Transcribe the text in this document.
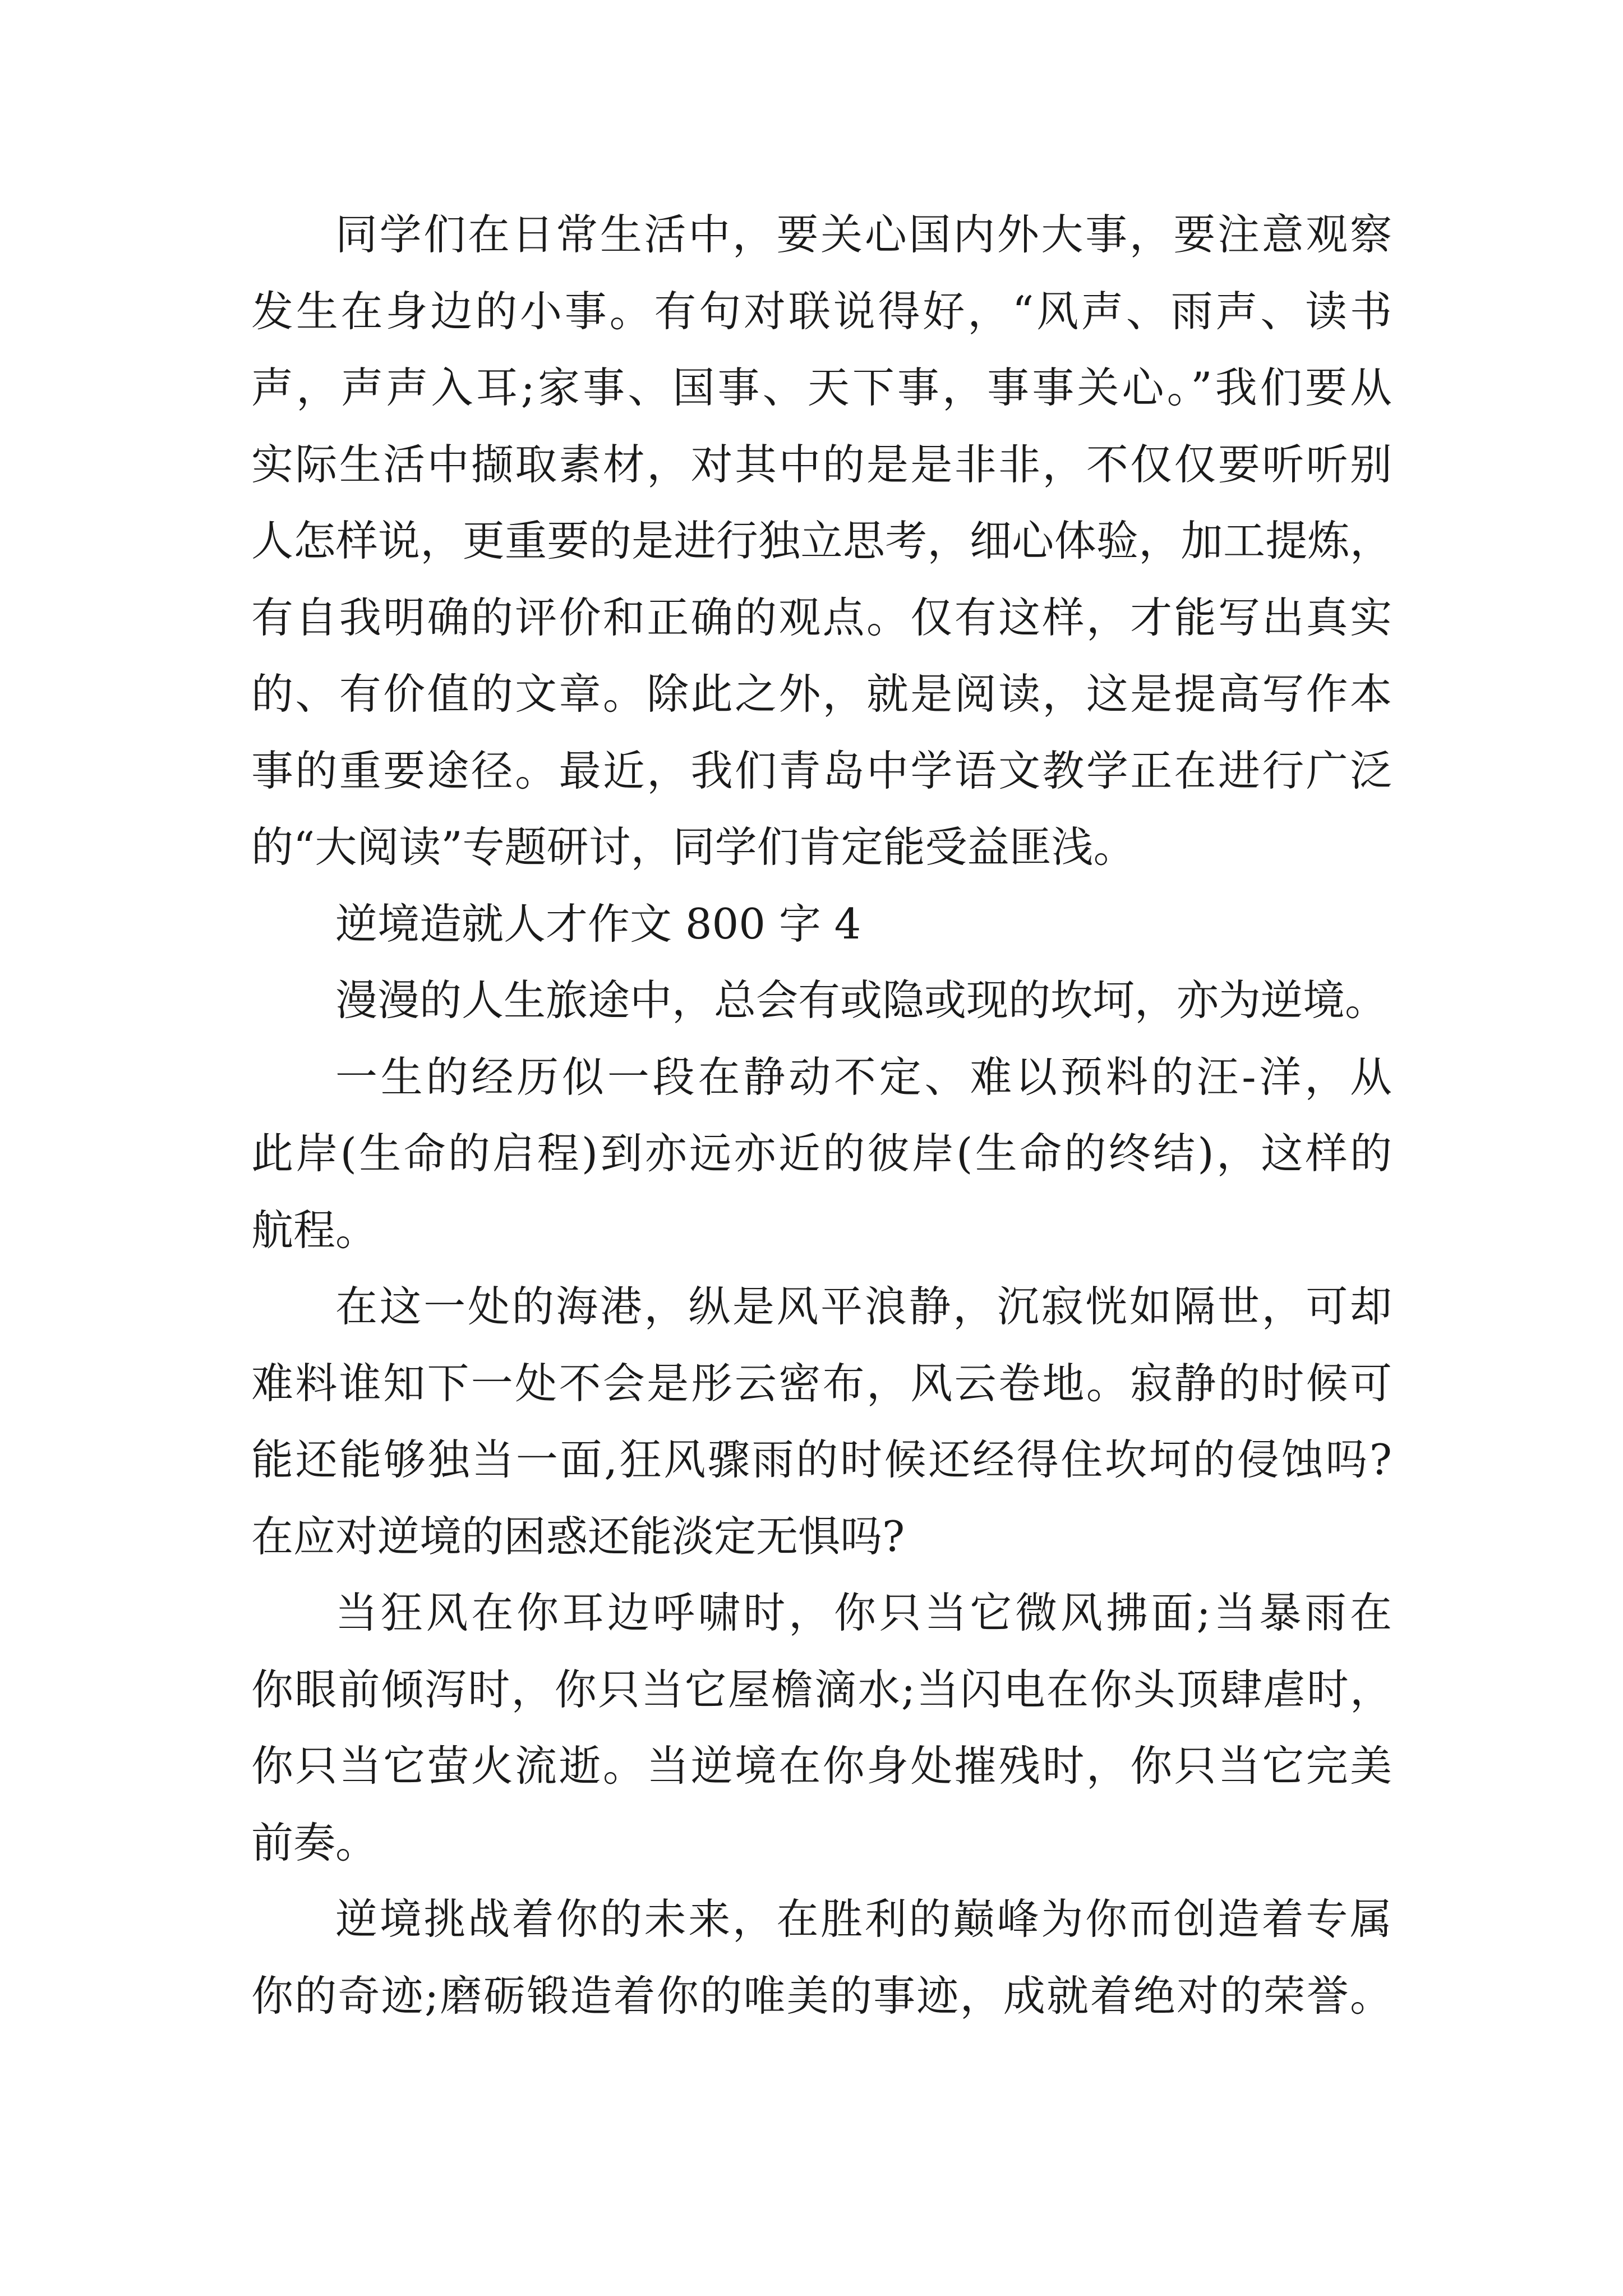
同学们在日常生活中，要关心国内外大事，要注意观察
发生在身边的小事。有句对联说得好，“风声、雨声、读书
声，声声入耳;家事、国事、天下事，事事关心。”我们要从
实际生活中撷取素材，对其中的是是非非，不仅仅要听听别
人怎样说，更重要的是进行独立思考，细心体验，加工提炼，
有自我明确的评价和正确的观点。仅有这样，才能写出真实
的、有价值的文章。除此之外，就是阅读，这是提高写作本
事的重要途径。最近，我们青岛中学语文教学正在进行广泛
的“大阅读”专题研讨，同学们肯定能受益匪浅。
逆境造就人才作文 800 字 4
漫漫的人生旅途中，总会有或隐或现的坎坷，亦为逆境。
一生的经历似一段在静动不定、难以预料的汪-洋，从
此岸(生命的启程)到亦远亦近的彼岸(生命的终结)，这样的
航程。
在这一处的海港，纵是风平浪静，沉寂恍如隔世，可却
难料谁知下一处不会是彤云密布，风云卷地。寂静的时候可
能还能够独当一面,狂风骤雨的时候还经得住坎坷的侵蚀吗?
在应对逆境的困惑还能淡定无惧吗?
当狂风在你耳边呼啸时，你只当它微风拂面;当暴雨在
你眼前倾泻时，你只当它屋檐滴水;当闪电在你头顶肆虐时，
你只当它萤火流逝。当逆境在你身处摧残时，你只当它完美
前奏。
逆境挑战着你的未来，在胜利的巅峰为你而创造着专属
你的奇迹;磨砺锻造着你的唯美的事迹，成就着绝对的荣誉。
